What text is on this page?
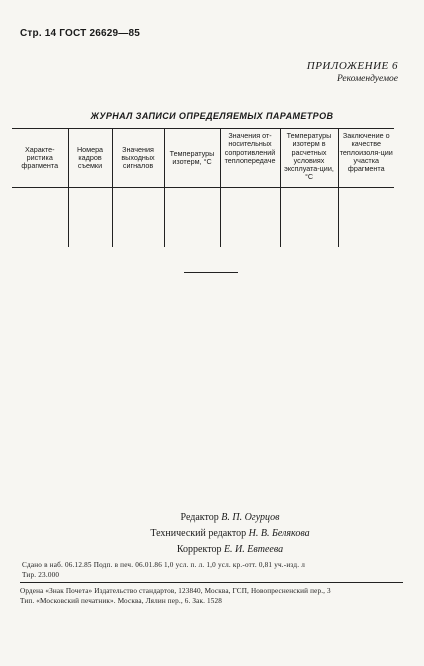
Стр. 14 ГОСТ 26629—85
ПРИЛОЖЕНИЕ 6
Рекомендуемое
ЖУРНАЛ ЗАПИСИ ОПРЕДЕЛЯЕМЫХ ПАРАМЕТРОВ
Характе-ристика фрагмента	Номера кадров съемки	Значения выходных сигналов	Температуры изотерм, °С	Значения от-носительных сопротивлений теплопередаче	Температуры изотерм в расчетных условиях эксплуата-ции, °С	Заключение о качестве теплоизоля-ции участка фрагмента

Редактор В. П. Огурцов
Технический редактор Н. В. Белякова
Корректор Е. И. Евтеева
Сдано в наб. 06.12.85 Подп. в печ. 06.01.86 1,0 усл. п. л. 1,0 усл. кр.-отт. 0,81 уч.-изд. л
Тир. 23.000
Ордена «Знак Почета» Издательство стандартов, 123840, Москва, ГСП, Новопресненский пер., 3
Тип. «Московский печатник». Москва, Лялин пер., 6. Зак. 1528
